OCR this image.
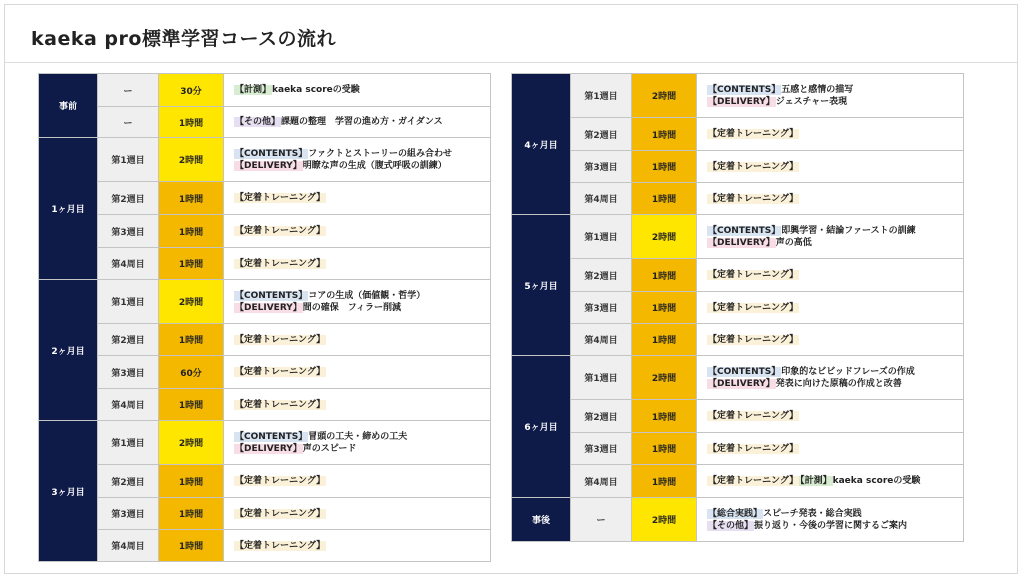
kaeka pro標準学習コースの流れ
事前	ー	30分	【計測】kaeka scoreの受験

	ー	1時間	【その他】課題の整理　学習の進め方・ガイダンス

1ヶ月目	第1週目	2時間	【CONTENTS】ファクトとストーリーの組み合わせ
【DELIVERY】明瞭な声の生成（腹式呼吸の訓練）

	第2週目	1時間	【定着トレーニング】

	第3週目	1時間	【定着トレーニング】

	第4周目	1時間	【定着トレーニング】

2ヶ月目	第1週目	2時間	【CONTENTS】コアの生成（価値観・哲学）
【DELIVERY】間の確保　フィラー削減

	第2週目	1時間	【定着トレーニング】

	第3週目	60分	【定着トレーニング】

	第4周目	1時間	【定着トレーニング】

3ヶ月目	第1週目	2時間	【CONTENTS】冒頭の工夫・締めの工夫
【DELIVERY】声のスピード

	第2週目	1時間	【定着トレーニング】

	第3週目	1時間	【定着トレーニング】

	第4周目	1時間	【定着トレーニング】
4ヶ月目	第1週目	2時間	【CONTENTS】五感と感情の描写
【DELIVERY】ジェスチャー表現

	第2週目	1時間	【定着トレーニング】

	第3週目	1時間	【定着トレーニング】

	第4周目	1時間	【定着トレーニング】

5ヶ月目	第1週目	2時間	【CONTENTS】即興学習・結論ファーストの訓練
【DELIVERY】声の高低

	第2週目	1時間	【定着トレーニング】

	第3週目	1時間	【定着トレーニング】

	第4周目	1時間	【定着トレーニング】

6ヶ月目	第1週目	2時間	【CONTENTS】印象的なビビッドフレーズの作成
【DELIVERY】発表に向けた原稿の作成と改善

	第2週目	1時間	【定着トレーニング】

	第3週目	1時間	【定着トレーニング】

	第4周目	1時間	【定着トレーニング】 【計測】kaeka scoreの受験

事後	ー	2時間	【総合実践】スピーチ発表・総合実践
【その他】振り返り・今後の学習に関するご案内
